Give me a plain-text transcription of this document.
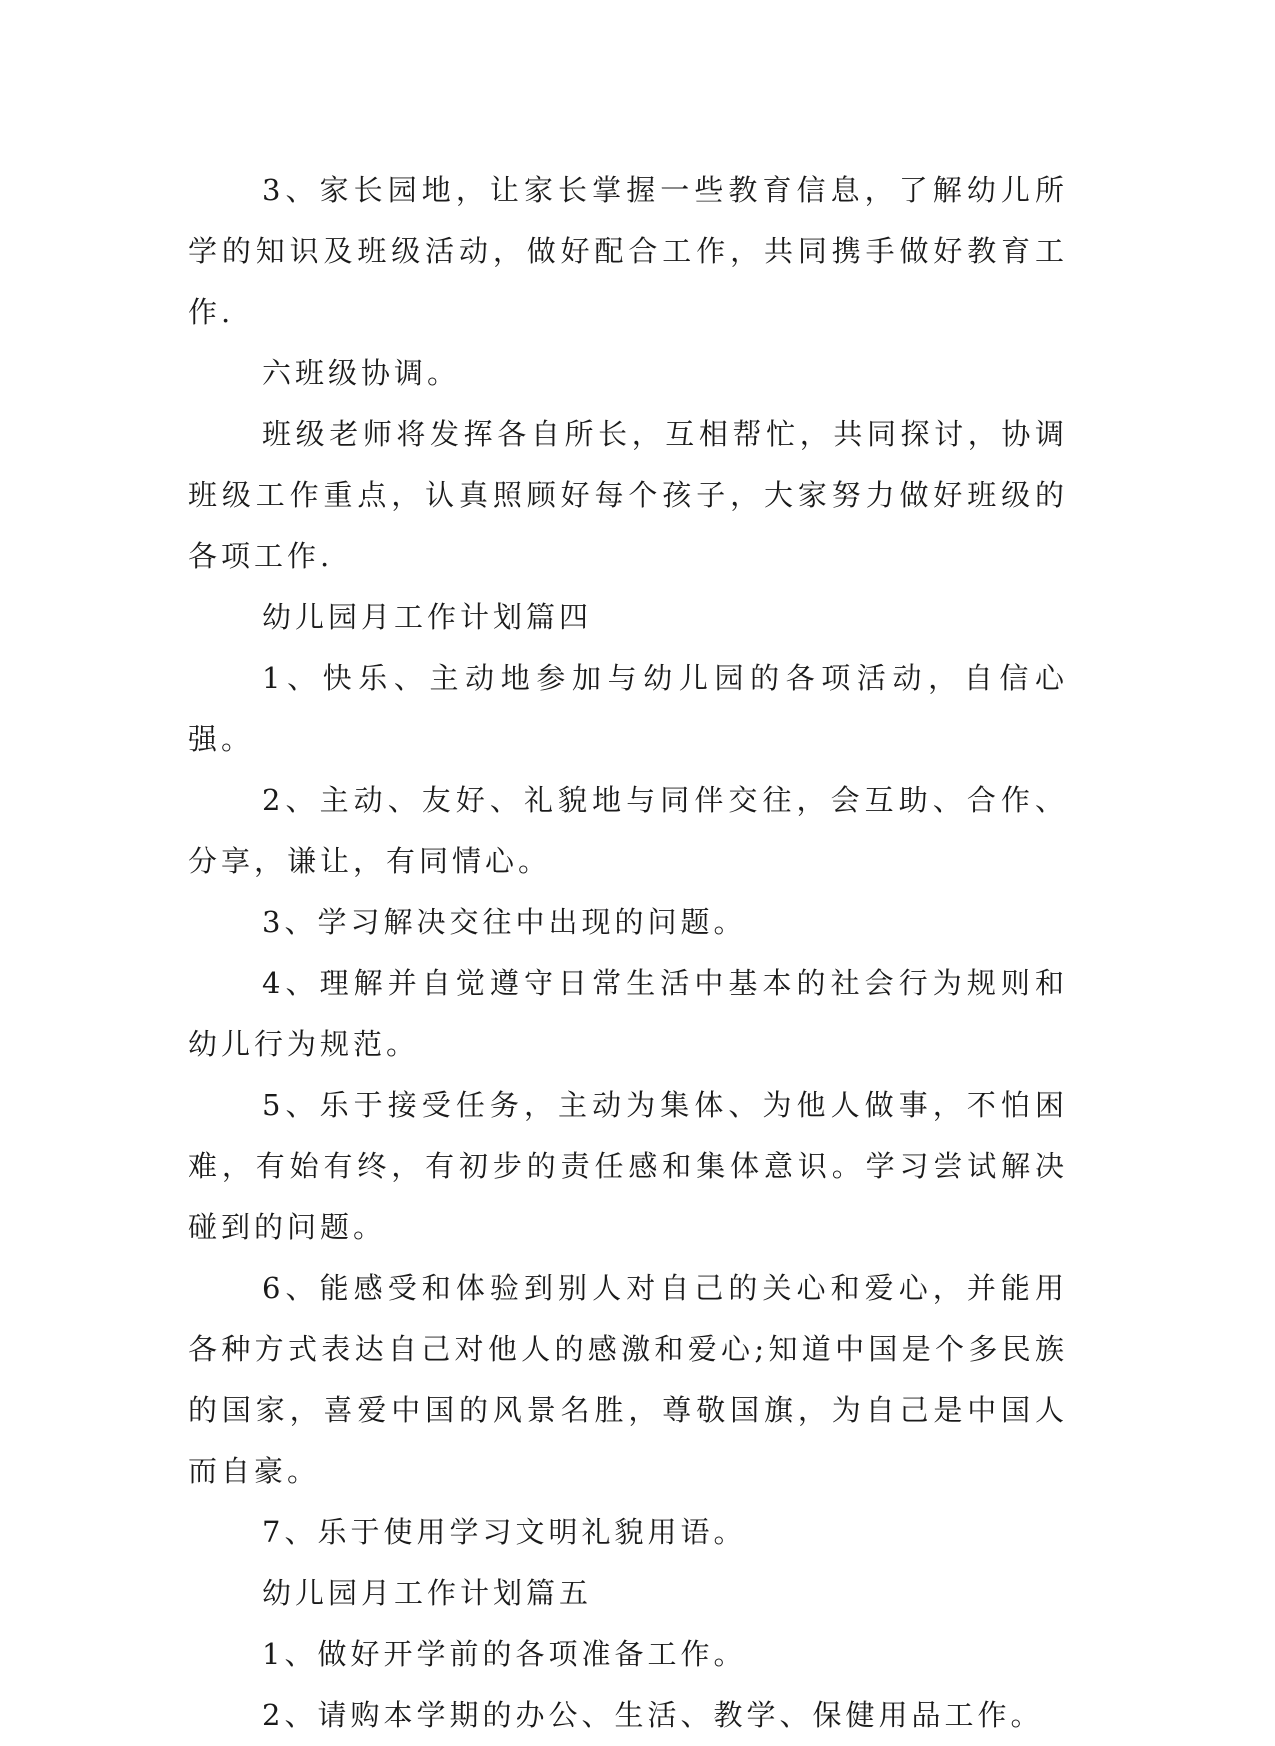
3、家长园地，让家长掌握一些教育信息，了解幼儿所学的知识及班级活动，做好配合工作，共同携手做好教育工作.

六班级协调。

班级老师将发挥各自所长，互相帮忙，共同探讨，协调班级工作重点，认真照顾好每个孩子，大家努力做好班级的各项工作.

幼儿园月工作计划篇四

1、快乐、主动地参加与幼儿园的各项活动，自信心强。

2、主动、友好、礼貌地与同伴交往，会互助、合作、分享，谦让，有同情心。

3、学习解决交往中出现的问题。

4、理解并自觉遵守日常生活中基本的社会行为规则和幼儿行为规范。

5、乐于接受任务，主动为集体、为他人做事，不怕困难，有始有终，有初步的责任感和集体意识。学习尝试解决碰到的问题。

6、能感受和体验到别人对自己的关心和爱心，并能用各种方式表达自己对他人的感激和爱心;知道中国是个多民族的国家，喜爱中国的风景名胜，尊敬国旗，为自己是中国人而自豪。

7、乐于使用学习文明礼貌用语。

幼儿园月工作计划篇五

1、做好开学前的各项准备工作。

2、请购本学期的办公、生活、教学、保健用品工作。
